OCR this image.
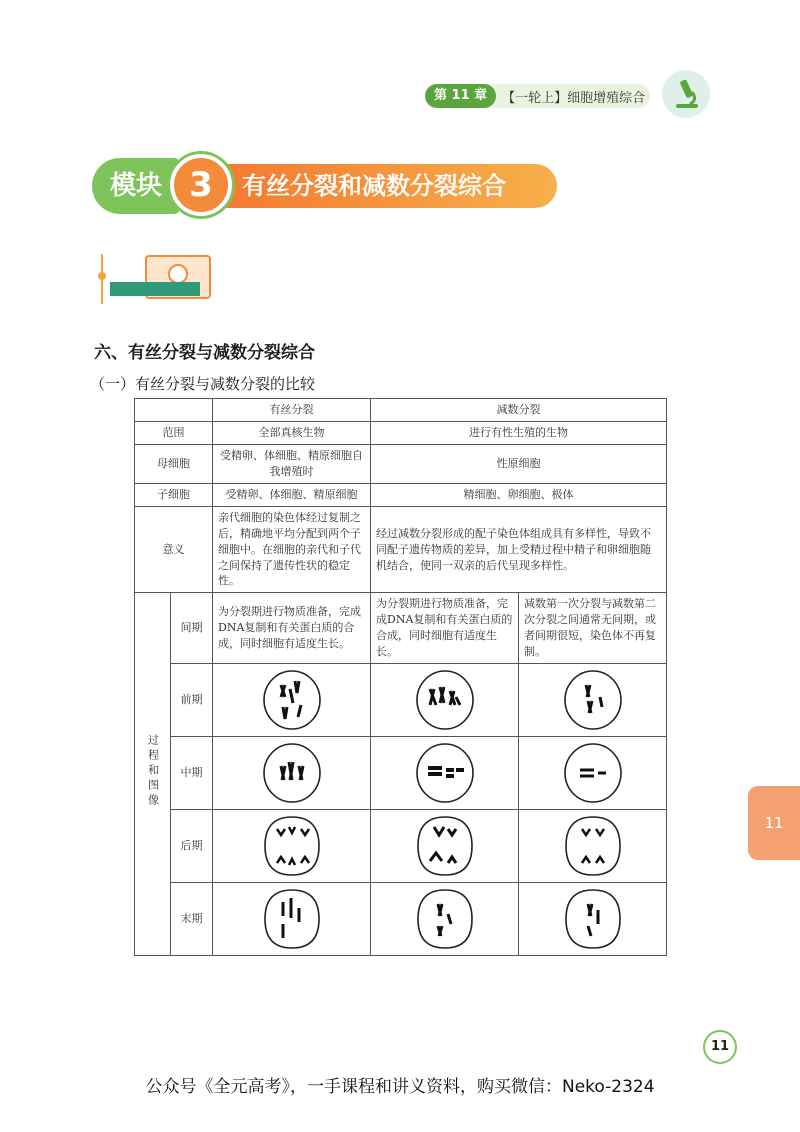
第 11 章	【一轮上】细胞增殖综合
模块	有丝分裂和减数分裂综合
3
11
六、有丝分裂与减数分裂综合
（一）有丝分裂与减数分裂的比较
		有丝分裂	减数分裂	
范围		全部真核生物	进行有性生殖的生物	
母细胞		受精卵、体细胞、精原细胞自我增殖时	性原细胞	
子细胞		受精卵、体细胞、精原细胞	精细胞、卵细胞、极体	
意义		亲代细胞的染色体经过复制之后，精确地平均分配到两个子细胞中。在细胞的亲代和子代之间保持了遗传性状的稳定性。	经过减数分裂形成的配子染色体组成具有多样性，导致不同配子遗传物质的差异，加上受精过程中精子和卵细胞随机结合，使同一双亲的后代呈现多样性。	
过程和图像	间期	为分裂期进行物质准备，完成DNA复制和有关蛋白质的合成，同时细胞有适度生长。	为分裂期进行物质准备，完成DNA复制和有关蛋白质的合成，同时细胞有适度生长。	减数第一次分裂与减数第二次分裂之间通常无间期，或者间期很短，染色体不再复制。
	前期	

	中期	

	后期	

	末期	

11
公众号《全元高考》，一手课程和讲义资料，购买微信：Neko-2324
